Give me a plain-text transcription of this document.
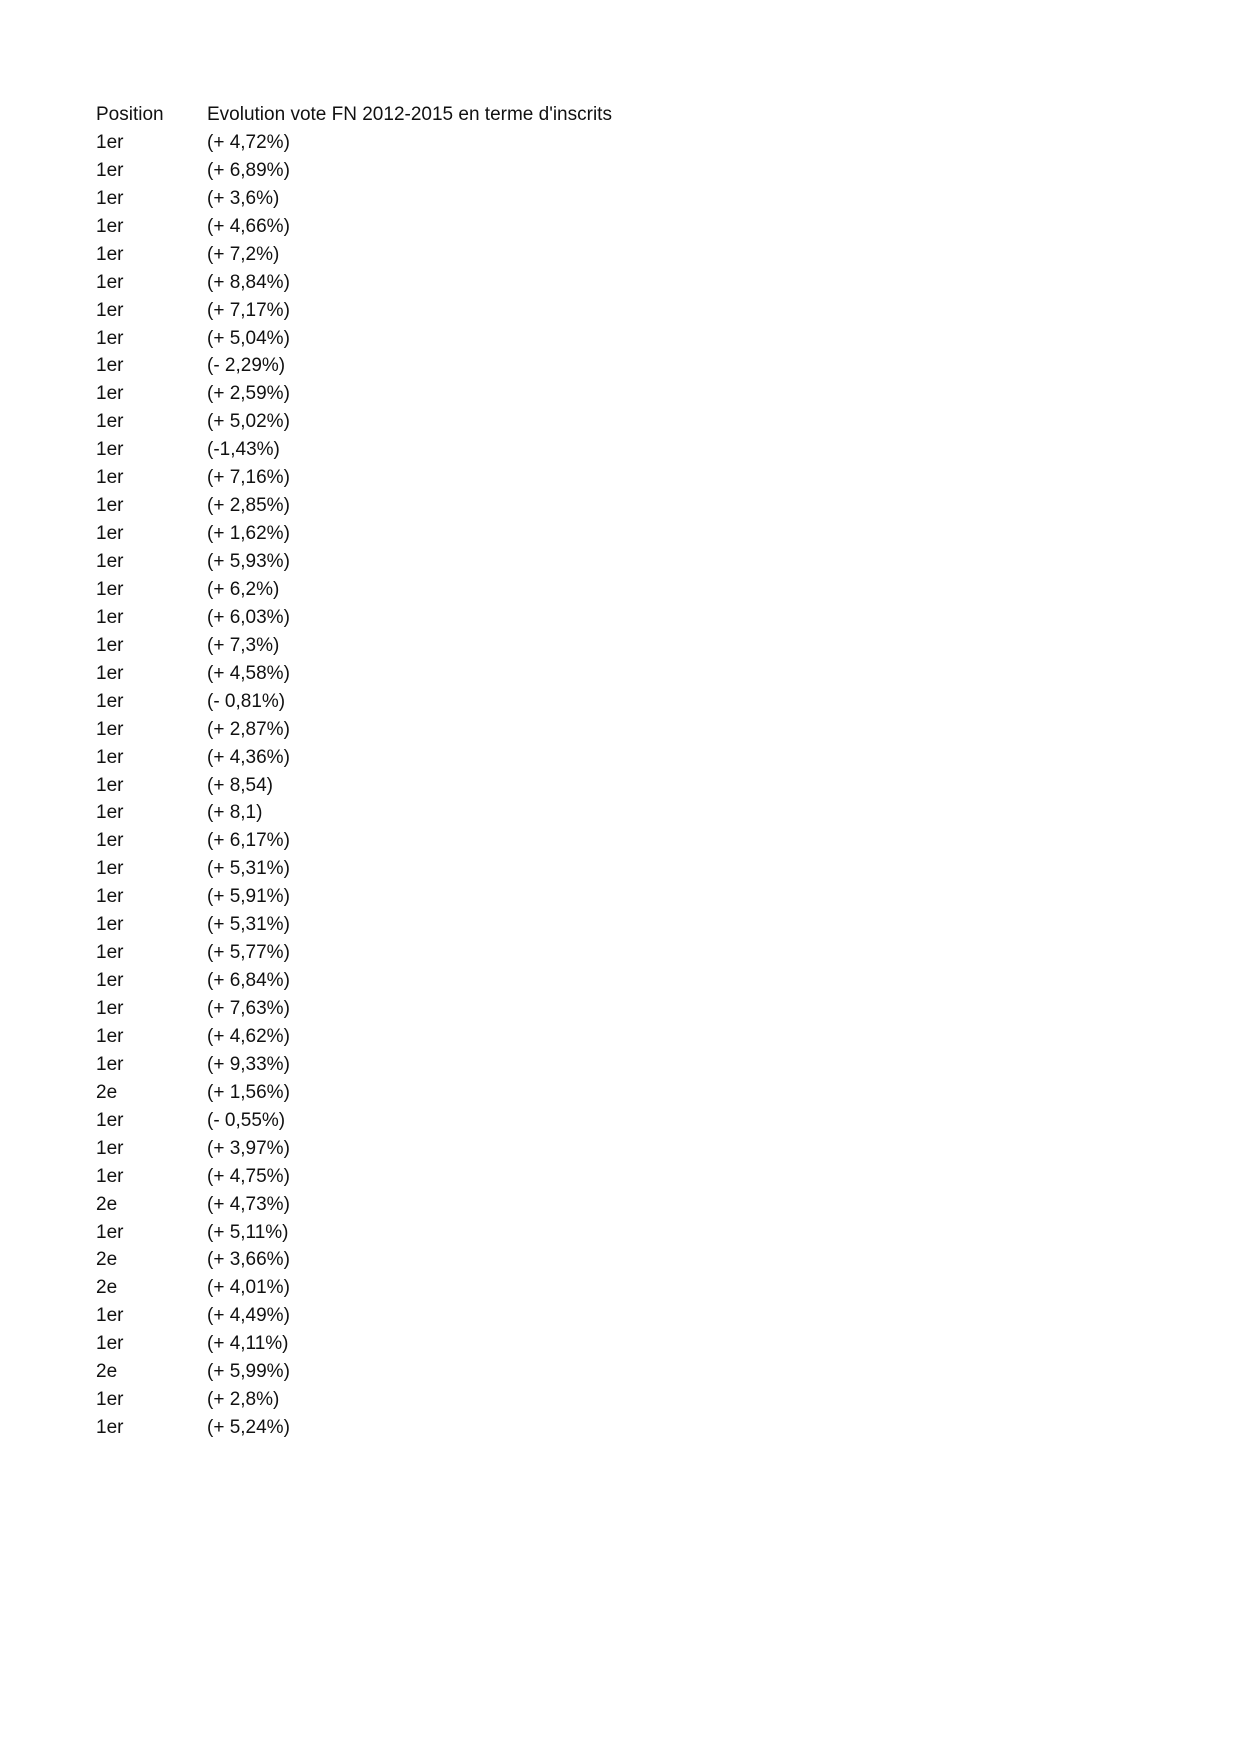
Position	Evolution vote FN 2012-2015 en terme d'inscrits
1er	(+ 4,72%)
1er	(+ 6,89%)
1er	(+ 3,6%)
1er	(+ 4,66%)
1er	(+ 7,2%)
1er	(+ 8,84%)
1er	(+ 7,17%)
1er	(+ 5,04%)
1er	(- 2,29%)
1er	(+ 2,59%)
1er	(+ 5,02%)
1er	(-1,43%)
1er	(+ 7,16%)
1er	(+ 2,85%)
1er	(+ 1,62%)
1er	(+ 5,93%)
1er	(+ 6,2%)
1er	(+ 6,03%)
1er	(+ 7,3%)
1er	(+ 4,58%)
1er	(- 0,81%)
1er	(+ 2,87%)
1er	(+ 4,36%)
1er	(+ 8,54)
1er	(+ 8,1)
1er	(+ 6,17%)
1er	(+ 5,31%)
1er	(+ 5,91%)
1er	(+ 5,31%)
1er	(+ 5,77%)
1er	(+ 6,84%)
1er	(+ 7,63%)
1er	(+ 4,62%)
1er	(+ 9,33%)
2e	(+ 1,56%)
1er	(- 0,55%)
1er	(+ 3,97%)
1er	(+ 4,75%)
2e	(+ 4,73%)
1er	(+ 5,11%)
2e	(+ 3,66%)
2e	(+ 4,01%)
1er	(+ 4,49%)
1er	(+ 4,11%)
2e	(+ 5,99%)
1er	(+ 2,8%)
1er	(+ 5,24%)
